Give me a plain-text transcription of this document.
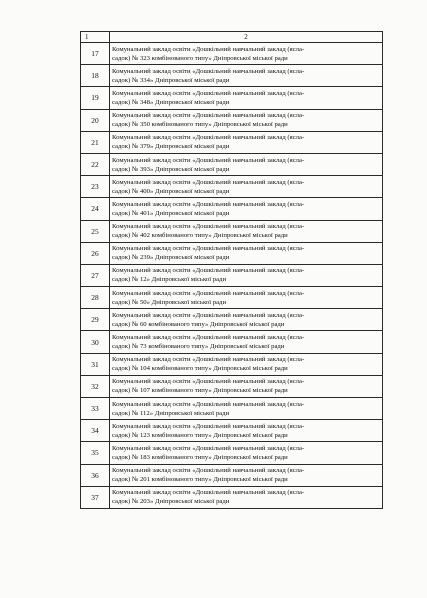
1	2
17	Комунальний заклад освіти «Дошкільний навчальний заклад (ясла-
садок) № 323 комбінованого типу» Дніпровської міської ради

18	Комунальний заклад освіти «Дошкільний навчальний заклад (ясла-
садок) № 334» Дніпровської міської ради

19	Комунальний заклад освіти «Дошкільний навчальний заклад (ясла-
садок) № 348» Дніпровської міської ради

20	Комунальний заклад освіти «Дошкільний навчальний заклад (ясла-
садок) № 350 комбінованого типу» Дніпровської міської ради

21	Комунальний заклад освіти «Дошкільний навчальний заклад (ясла-
садок) № 379» Дніпровської міської ради

22	Комунальний заклад освіти «Дошкільний навчальний заклад (ясла-
садок) № 393» Дніпровської міської ради

23	Комунальний заклад освіти «Дошкільний навчальний заклад (ясла-
садок) № 400» Дніпровської міської ради

24	Комунальний заклад освіти «Дошкільний навчальний заклад (ясла-
садок) № 401» Дніпровської міської ради

25	Комунальний заклад освіти «Дошкільний навчальний заклад (ясла-
садок) № 402 комбінованого типу» Дніпровської міської ради

26	Комунальний заклад освіти «Дошкільний навчальний заклад (ясла-
садок) № 239» Дніпровської міської ради

27	Комунальний заклад освіти «Дошкільний навчальний заклад (ясла-
садок) № 12» Дніпровської міської ради

28	Комунальний заклад освіти «Дошкільний навчальний заклад (ясла-
садок) № 50» Дніпровської міської ради

29	Комунальний заклад освіти «Дошкільний навчальний заклад (ясла-
садок) № 60 комбінованого типу» Дніпровської міської ради

30	Комунальний заклад освіти «Дошкільний навчальний заклад (ясла-
садок) № 73 комбінованого типу» Дніпровської міської ради

31	Комунальний заклад освіти «Дошкільний навчальний заклад (ясла-
садок) № 104 комбінованого типу» Дніпровської міської ради

32	Комунальний заклад освіти «Дошкільний навчальний заклад (ясла-
садок) № 107 комбінованого типу» Дніпровської міської ради

33	Комунальний заклад освіти «Дошкільний навчальний заклад (ясла-
садок) № 112» Дніпровської міської ради

34	Комунальний заклад освіти «Дошкільний навчальний заклад (ясла-
садок) № 123 комбінованого типу» Дніпровської міської ради

35	Комунальний заклад освіти «Дошкільний навчальний заклад (ясла-
садок) № 183 комбінованого типу» Дніпровської міської ради

36	Комунальний заклад освіти «Дошкільний навчальний заклад (ясла-
садок) № 201 комбінованого типу» Дніпровської міської ради

37	Комунальний заклад освіти «Дошкільний навчальний заклад (ясла-
садок) № 203» Дніпровської міської ради
